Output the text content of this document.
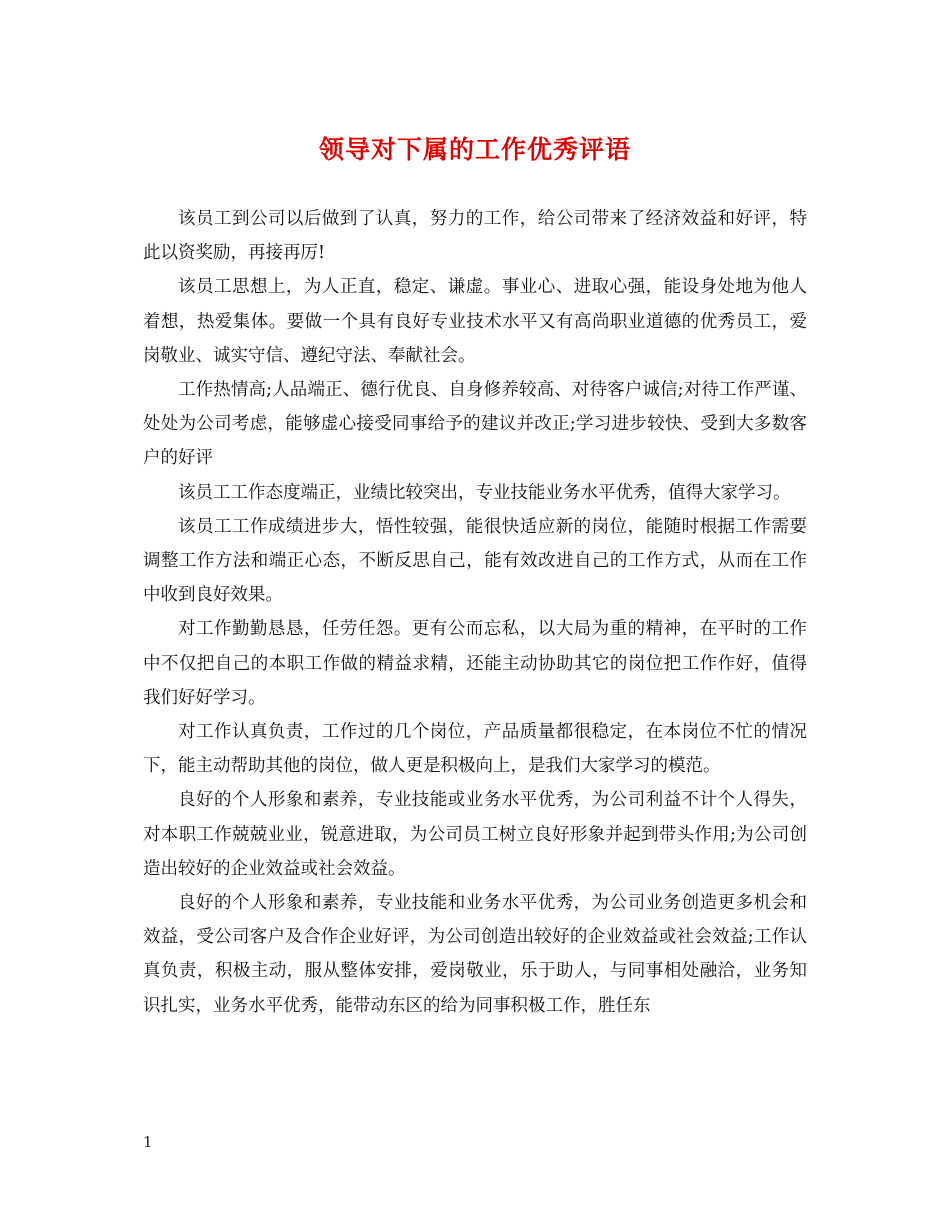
领导对下属的工作优秀评语

该员工到公司以后做到了认真，努力的工作，给公司带来了经济效益和好评，特此以资奖励，再接再厉!

该员工思想上，为人正直，稳定、谦虚。事业心、进取心强，能设身处地为他人着想，热爱集体。要做一个具有良好专业技术水平又有高尚职业道德的优秀员工，爱岗敬业、诚实守信、遵纪守法、奉献社会。

工作热情高;人品端正、德行优良、自身修养较高、对待客户诚信;对待工作严谨、处处为公司考虑，能够虚心接受同事给予的建议并改正;学习进步较快、受到大多数客户的好评

该员工工作态度端正，业绩比较突出，专业技能业务水平优秀，值得大家学习。

该员工工作成绩进步大，悟性较强，能很快适应新的岗位，能随时根据工作需要调整工作方法和端正心态，不断反思自己，能有效改进自己的工作方式，从而在工作中收到良好效果。

对工作勤勤恳恳，任劳任怨。更有公而忘私，以大局为重的精神，在平时的工作中不仅把自己的本职工作做的精益求精，还能主动协助其它的岗位把工作作好，值得我们好好学习。

对工作认真负责，工作过的几个岗位，产品质量都很稳定，在本岗位不忙的情况下，能主动帮助其他的岗位，做人更是积极向上，是我们大家学习的模范。

良好的个人形象和素养，专业技能或业务水平优秀，为公司利益不计个人得失，对本职工作兢兢业业，锐意进取，为公司员工树立良好形象并起到带头作用;为公司创造出较好的企业效益或社会效益。

良好的个人形象和素养，专业技能和业务水平优秀，为公司业务创造更多机会和效益，受公司客户及合作企业好评，为公司创造出较好的企业效益或社会效益;工作认真负责，积极主动，服从整体安排，爱岗敬业，乐于助人，与同事相处融洽，业务知识扎实，业务水平优秀，能带动东区的给为同事积极工作，胜任东

1
